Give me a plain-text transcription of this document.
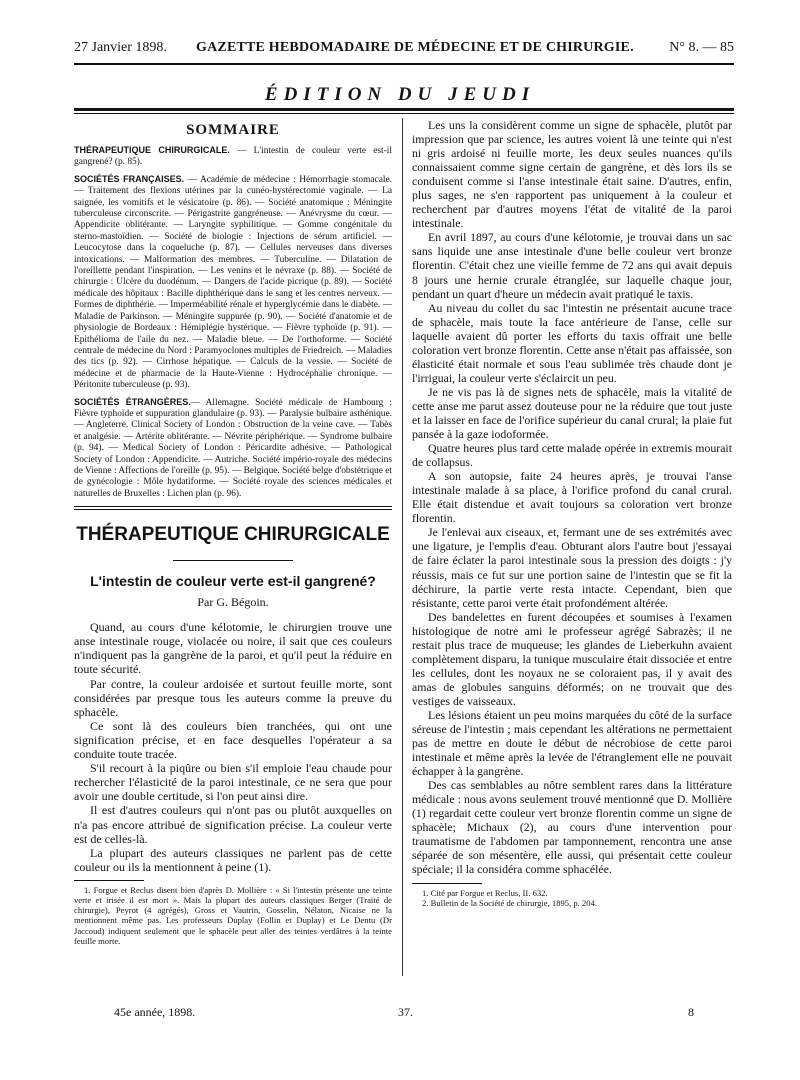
27 Janvier 1898. GAZETTE HEBDOMADAIRE DE MÉDECINE ET DE CHIRURGIE.	N° 8. — 85
ÉDITION DU JEUDI
SOMMAIRE

THÉRAPEUTIQUE CHIRURGICALE. — L'intestin de couleur verte est-il gangrené? (p. 85).

SOCIÉTÉS FRANÇAISES. — Académie de médecine : Hémorrhagie stomacale. — Traitement des flexions utérines par la cunéo-hystérectomie vaginale. — La saignée, les vomitifs et le vésicatoire (p. 86). — Société anatomique : Méningite tuberculeuse circonscrite. — Périgastrite gangréneuse. — Anévrysme du cœur. — Appendicite oblitérante. — Laryngite syphilitique. — Gomme congénitale du sterno-mastoïdien. — Société de biologie : Injections de sérum artificiel. — Leucocytose dans la coqueluche (p. 87). — Cellules nerveuses dans diverses intoxications. — Malformation des membres. — Tuberculine. — Dilatation de l'oreillette pendant l'inspiration. — Les venins et le névraxe (p. 88). — Société de chirurgie : Ulcère du duodénum. — Dangers de l'acide picrique (p. 89). — Société médicale des hôpitaux : Bacille diphthérique dans le sang et les centres nerveux. — Formes de diphthérie. — Imperméabilité rénale et hyperglycémie dans le diabète. — Maladie de Parkinson. — Méningite suppurée (p. 90). — Société d'anatomie et de physiologie de Bordeaux : Hémiplégie hystérique. — Fièvre typhoïde (p. 91). — Epithélioma de l'aile du nez. — Maladie bleue. — De l'orthoforme. — Société centrale de médecine du Nord : Paramyoclones multiples de Friedreich. — Maladies des tics (p. 92). — Cirrhose hépatique. — Calculs de la vessie. — Société de médecine et de pharmacie de la Haute-Vienne : Hydrocéphalie chronique. — Péritonite tuberculeuse (p. 93).

SOCIÉTÉS ÉTRANGÈRES.— Allemagne. Société médicale de Hambourg : Fièvre typhoïde et suppuration glandulaire (p. 93). — Paralysie bulbaire asthénique. — Angleterre. Clinical Society of London : Obstruction de la veine cave. — Tabès et analgésie. — Artérite oblitérante. — Névrite périphérique. — Syndrome bulbaire (p. 94). — Medical Society of London : Péricardite adhésive. — Pathological Society of London : Appendicite. — Autriche. Société império-royale des médecins de Vienne : Affections de l'oreille (p. 95). — Belgique. Société belge d'obstétrique et de gynécologie : Môle hydatiforme. — Société royale des sciences médicales et naturelles de Bruxelles : Lichen plan (p. 96).

THÉRAPEUTIQUE CHIRURGICALE
L'intestin de couleur verte est-il gangrené?
Par G. Bégoin.

Quand, au cours d'une kélotomie, le chirurgien trouve une anse intestinale rouge, violacée ou noire, il sait que ces couleurs n'indiquent pas la gangrène de la paroi, et qu'il peut la réduire en toute sécurité.

Par contre, la couleur ardoisée et surtout feuille morte, sont considérées par presque tous les auteurs comme la preuve du sphacèle.

Ce sont là des couleurs bien tranchées, qui ont une signification précise, et en face desquelles l'opérateur a sa conduite toute tracée.

S'il recourt à la piqûre ou bien s'il emploie l'eau chaude pour rechercher l'élasticité de la paroi intestinale, ce ne sera que pour avoir une double certitude, si l'on peut ainsi dire.

Il est d'autres couleurs qui n'ont pas ou plutôt auxquelles on n'a pas encore attribué de signification précise. La couleur verte est de celles-là.

La plupart des auteurs classiques ne parlent pas de cette couleur ou ils la mentionnent à peine (1).

1. Forgue et Reclus disent bien d'après D. Mollière : « Si l'intestin présente une teinte verte et irisée il est mort ». Mais la plupart des auteurs classiques Berger (Traité de chirurgie), Peyrot (4 agrégés), Gross et Vautrin, Gosselin, Nélaton, Nicaise ne la mentionnent même pas. Les professeurs Duplay (Follin et Duplay) et Le Dentu (Dr Jaccoud) indiquent seulement que le sphacèle peut aller des teintes verdâtres à la teinte feuille morte.

Les uns la considèrent comme un signe de sphacèle, plutôt par impression que par science, les autres voient là une teinte qui n'est ni gris ardoisé ni feuille morte, les deux seules nuances qu'ils connaissaient comme signe certain de gangrène, et dès lors ils se conduisent comme si l'anse intestinale était saine. D'autres, enfin, plus sages, ne s'en rapportent pas uniquement à la couleur et recherchent par d'autres moyens l'état de vitalité de la paroi intestinale.

En avril 1897, au cours d'une kélotomie, je trouvai dans un sac sans liquide une anse intestinale d'une belle couleur vert bronze florentin. C'était chez une vieille femme de 72 ans qui avait depuis 8 jours une hernie crurale étranglée, sur laquelle chaque jour, pendant un quart d'heure un médecin avait pratiqué le taxis.

Au niveau du collet du sac l'intestin ne présentait aucune trace de sphacèle, mais toute la face antérieure de l'anse, celle sur laquelle avaient dû porter les efforts du taxis offrait une belle coloration vert bronze florentin. Cette anse n'était pas affaissée, son élasticité était normale et sous l'eau sublimée très chaude dont je l'irriguai, la couleur verte s'éclaircit un peu.

Je ne vis pas là de signes nets de sphacèle, mais la vitalité de cette anse me parut assez douteuse pour ne la réduire que tout juste et la laisser en face de l'orifice supérieur du canal crural; la plaie fut pansée à la gaze iodoformée.

Quatre heures plus tard cette malade opérée in extremis mourait de collapsus.

A son autopsie, faite 24 heures après, je trouvai l'anse intestinale malade à sa place, à l'orifice profond du canal crural. Elle était distendue et avait toujours sa coloration vert bronze florentin.

Je l'enlevai aux ciseaux, et, fermant une de ses extrémités avec une ligature, je l'emplis d'eau. Obturant alors l'autre bout j'essayai de faire éclater la paroi intestinale sous la pression des doigts : j'y réussis, mais ce fut sur une portion saine de l'intestin que se fit la déchirure, la partie verte resta intacte. Cependant, bien que résistante, cette paroi verte était profondément altérée.

Des bandelettes en furent découpées et soumises à l'examen histologique de notre ami le professeur agrégé Sabrazès; il ne restait plus trace de muqueuse; les glandes de Lieberkuhn avaient complètement disparu, la tunique musculaire était dissociée et entre les cellules, dont les noyaux ne se coloraient pas, il y avait des amas de globules sanguins déformés; on ne trouvait que des vestiges de vaisseaux.

Les lésions étaient un peu moins marquées du côté de la surface séreuse de l'intestin ; mais cependant les altérations ne permettaient pas de mettre en doute le début de nécrobiose de cette paroi intestinale et même après la levée de l'étranglement elle ne pouvait échapper à la gangrène.

Des cas semblables au nôtre semblent rares dans la littérature médicale : nous avons seulement trouvé mentionné que D. Mollière (1) regardait cette couleur vert bronze florentin comme un signe de sphacèle; Michaux (2), au cours d'une intervention pour traumatisme de l'abdomen par tamponnement, rencontra une anse séparée de son mésentère, elle aussi, qui présentait cette couleur spéciale; il la considéra comme sphacélée.

1. Cité par Forgue et Reclus, II. 632.

2. Bulletin de la Société de chirurgie, 1895, p. 204.

45e année, 1898.	37.	8
